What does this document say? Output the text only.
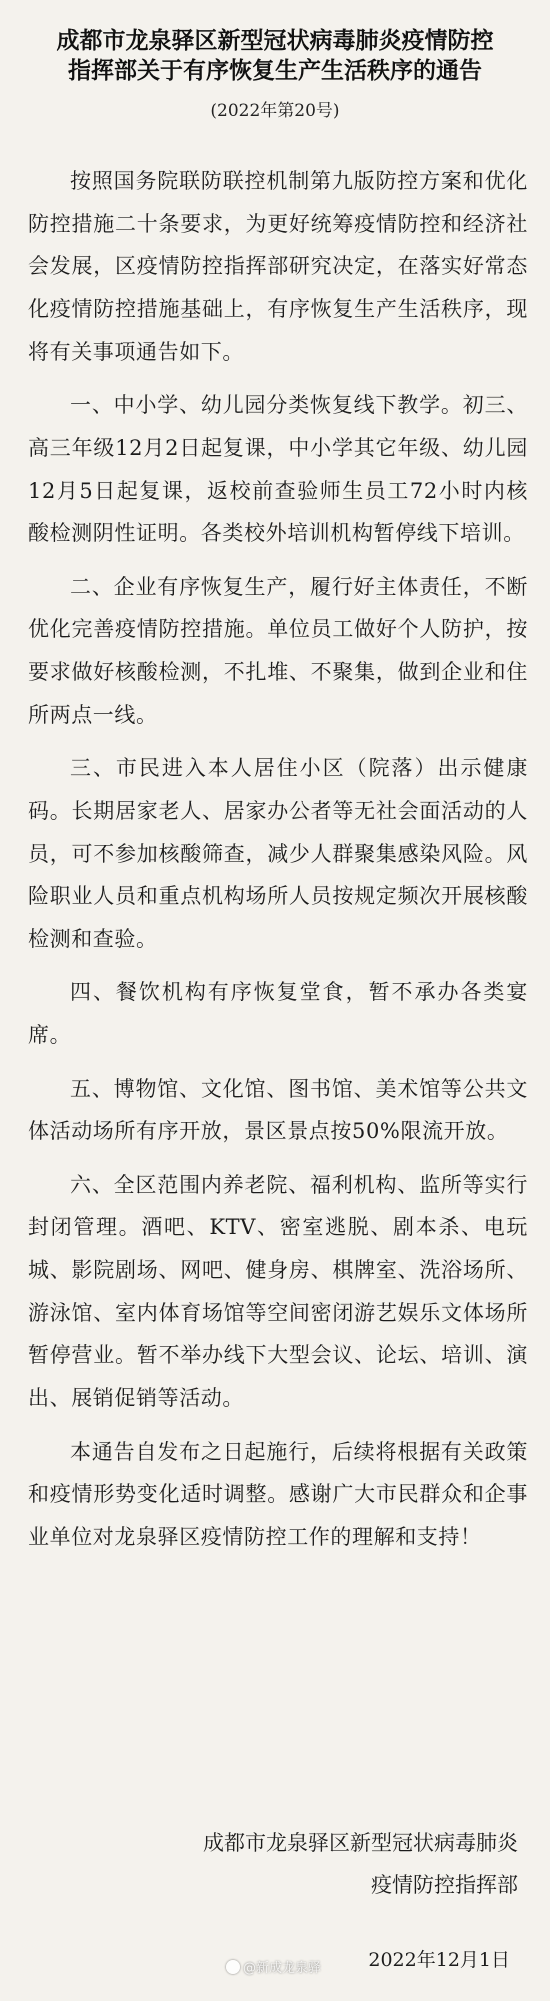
成都市龙泉驿区新型冠状病毒肺炎疫情防控
指挥部关于有序恢复生产生活秩序的通告
(2022年第20号)

按照国务院联防联控机制第九版防控方案和优化防控措施二十条要求，为更好统筹疫情防控和经济社会发展，区疫情防控指挥部研究决定，在落实好常态化疫情防控措施基础上，有序恢复生产生活秩序，现将有关事项通告如下。

一、中小学、幼儿园分类恢复线下教学。初三、高三年级12月2日起复课，中小学其它年级、幼儿园12月5日起复课，返校前查验师生员工72小时内核酸检测阴性证明。各类校外培训机构暂停线下培训。

二、企业有序恢复生产，履行好主体责任，不断优化完善疫情防控措施。单位员工做好个人防护，按要求做好核酸检测，不扎堆、不聚集，做到企业和住所两点一线。

三、市民进入本人居住小区（院落）出示健康码。长期居家老人、居家办公者等无社会面活动的人员，可不参加核酸筛查，减少人群聚集感染风险。风险职业人员和重点机构场所人员按规定频次开展核酸检测和查验。

四、餐饮机构有序恢复堂食，暂不承办各类宴席。

五、博物馆、文化馆、图书馆、美术馆等公共文体活动场所有序开放，景区景点按50%限流开放。

六、全区范围内养老院、福利机构、监所等实行封闭管理。酒吧、KTV、密室逃脱、剧本杀、电玩城、影院剧场、网吧、健身房、棋牌室、洗浴场所、游泳馆、室内体育场馆等空间密闭游艺娱乐文体场所暂停营业。暂不举办线下大型会议、论坛、培训、演出、展销促销等活动。

本通告自发布之日起施行，后续将根据有关政策和疫情形势变化适时调整。感谢广大市民群众和企事业单位对龙泉驿区疫情防控工作的理解和支持！

成都市龙泉驿区新型冠状病毒肺炎
疫情防控指挥部
@新成龙泉驿 2022年12月1日
